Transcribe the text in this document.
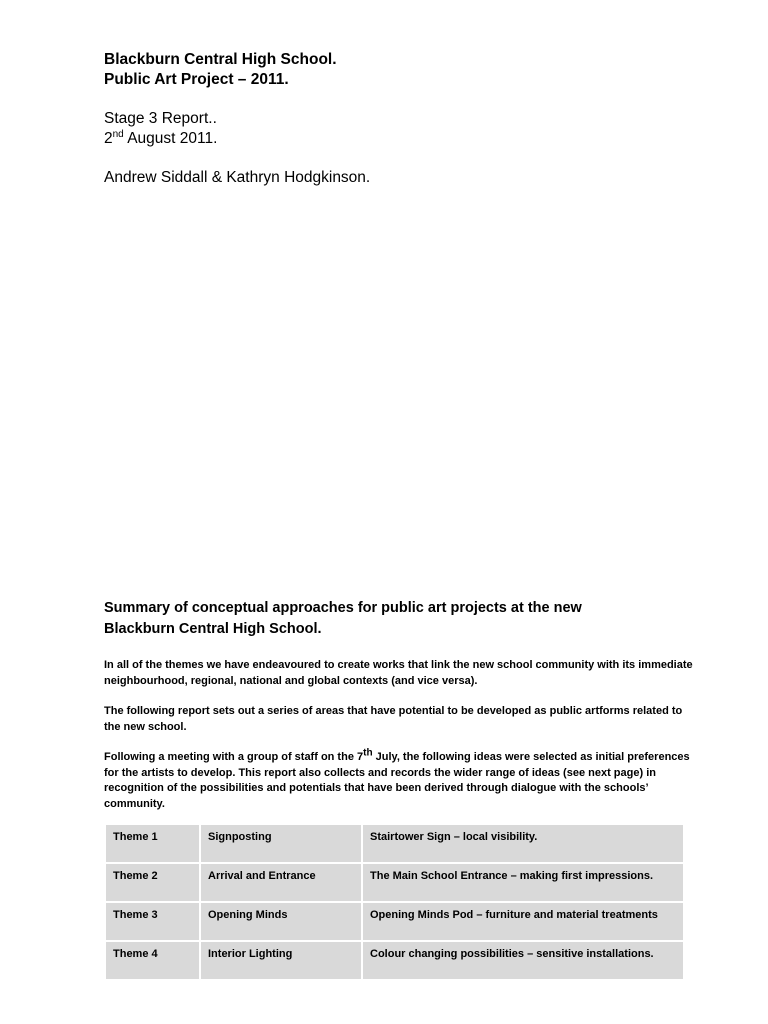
Blackburn Central High School.

Public Art Project – 2011.

Stage 3 Report..
2nd August 2011.
Andrew Siddall & Kathryn Hodgkinson.

Summary of conceptual approaches for public art projects at the new
Blackburn Central High School.

In all of the themes we have endeavoured to create works that link the new school community with its immediate neighbourhood, regional, national and global contexts (and vice versa).

The following report sets out a series of areas that have potential to be developed as public artforms related to the new school.

Following a meeting with a group of staff on the 7th July, the following ideas were selected as initial preferences for the artists to develop. This report also collects and records the wider range of ideas (see next page) in recognition of the possibilities and potentials that have been derived through dialogue with the schools’ community.

Theme 1	Signposting	Stairtower Sign – local visibility.
Theme 2	Arrival and Entrance	The Main School Entrance – making first impressions.
Theme 3	Opening Minds	Opening Minds Pod – furniture and material treatments
Theme 4	Interior Lighting	Colour changing possibilities – sensitive installations.
